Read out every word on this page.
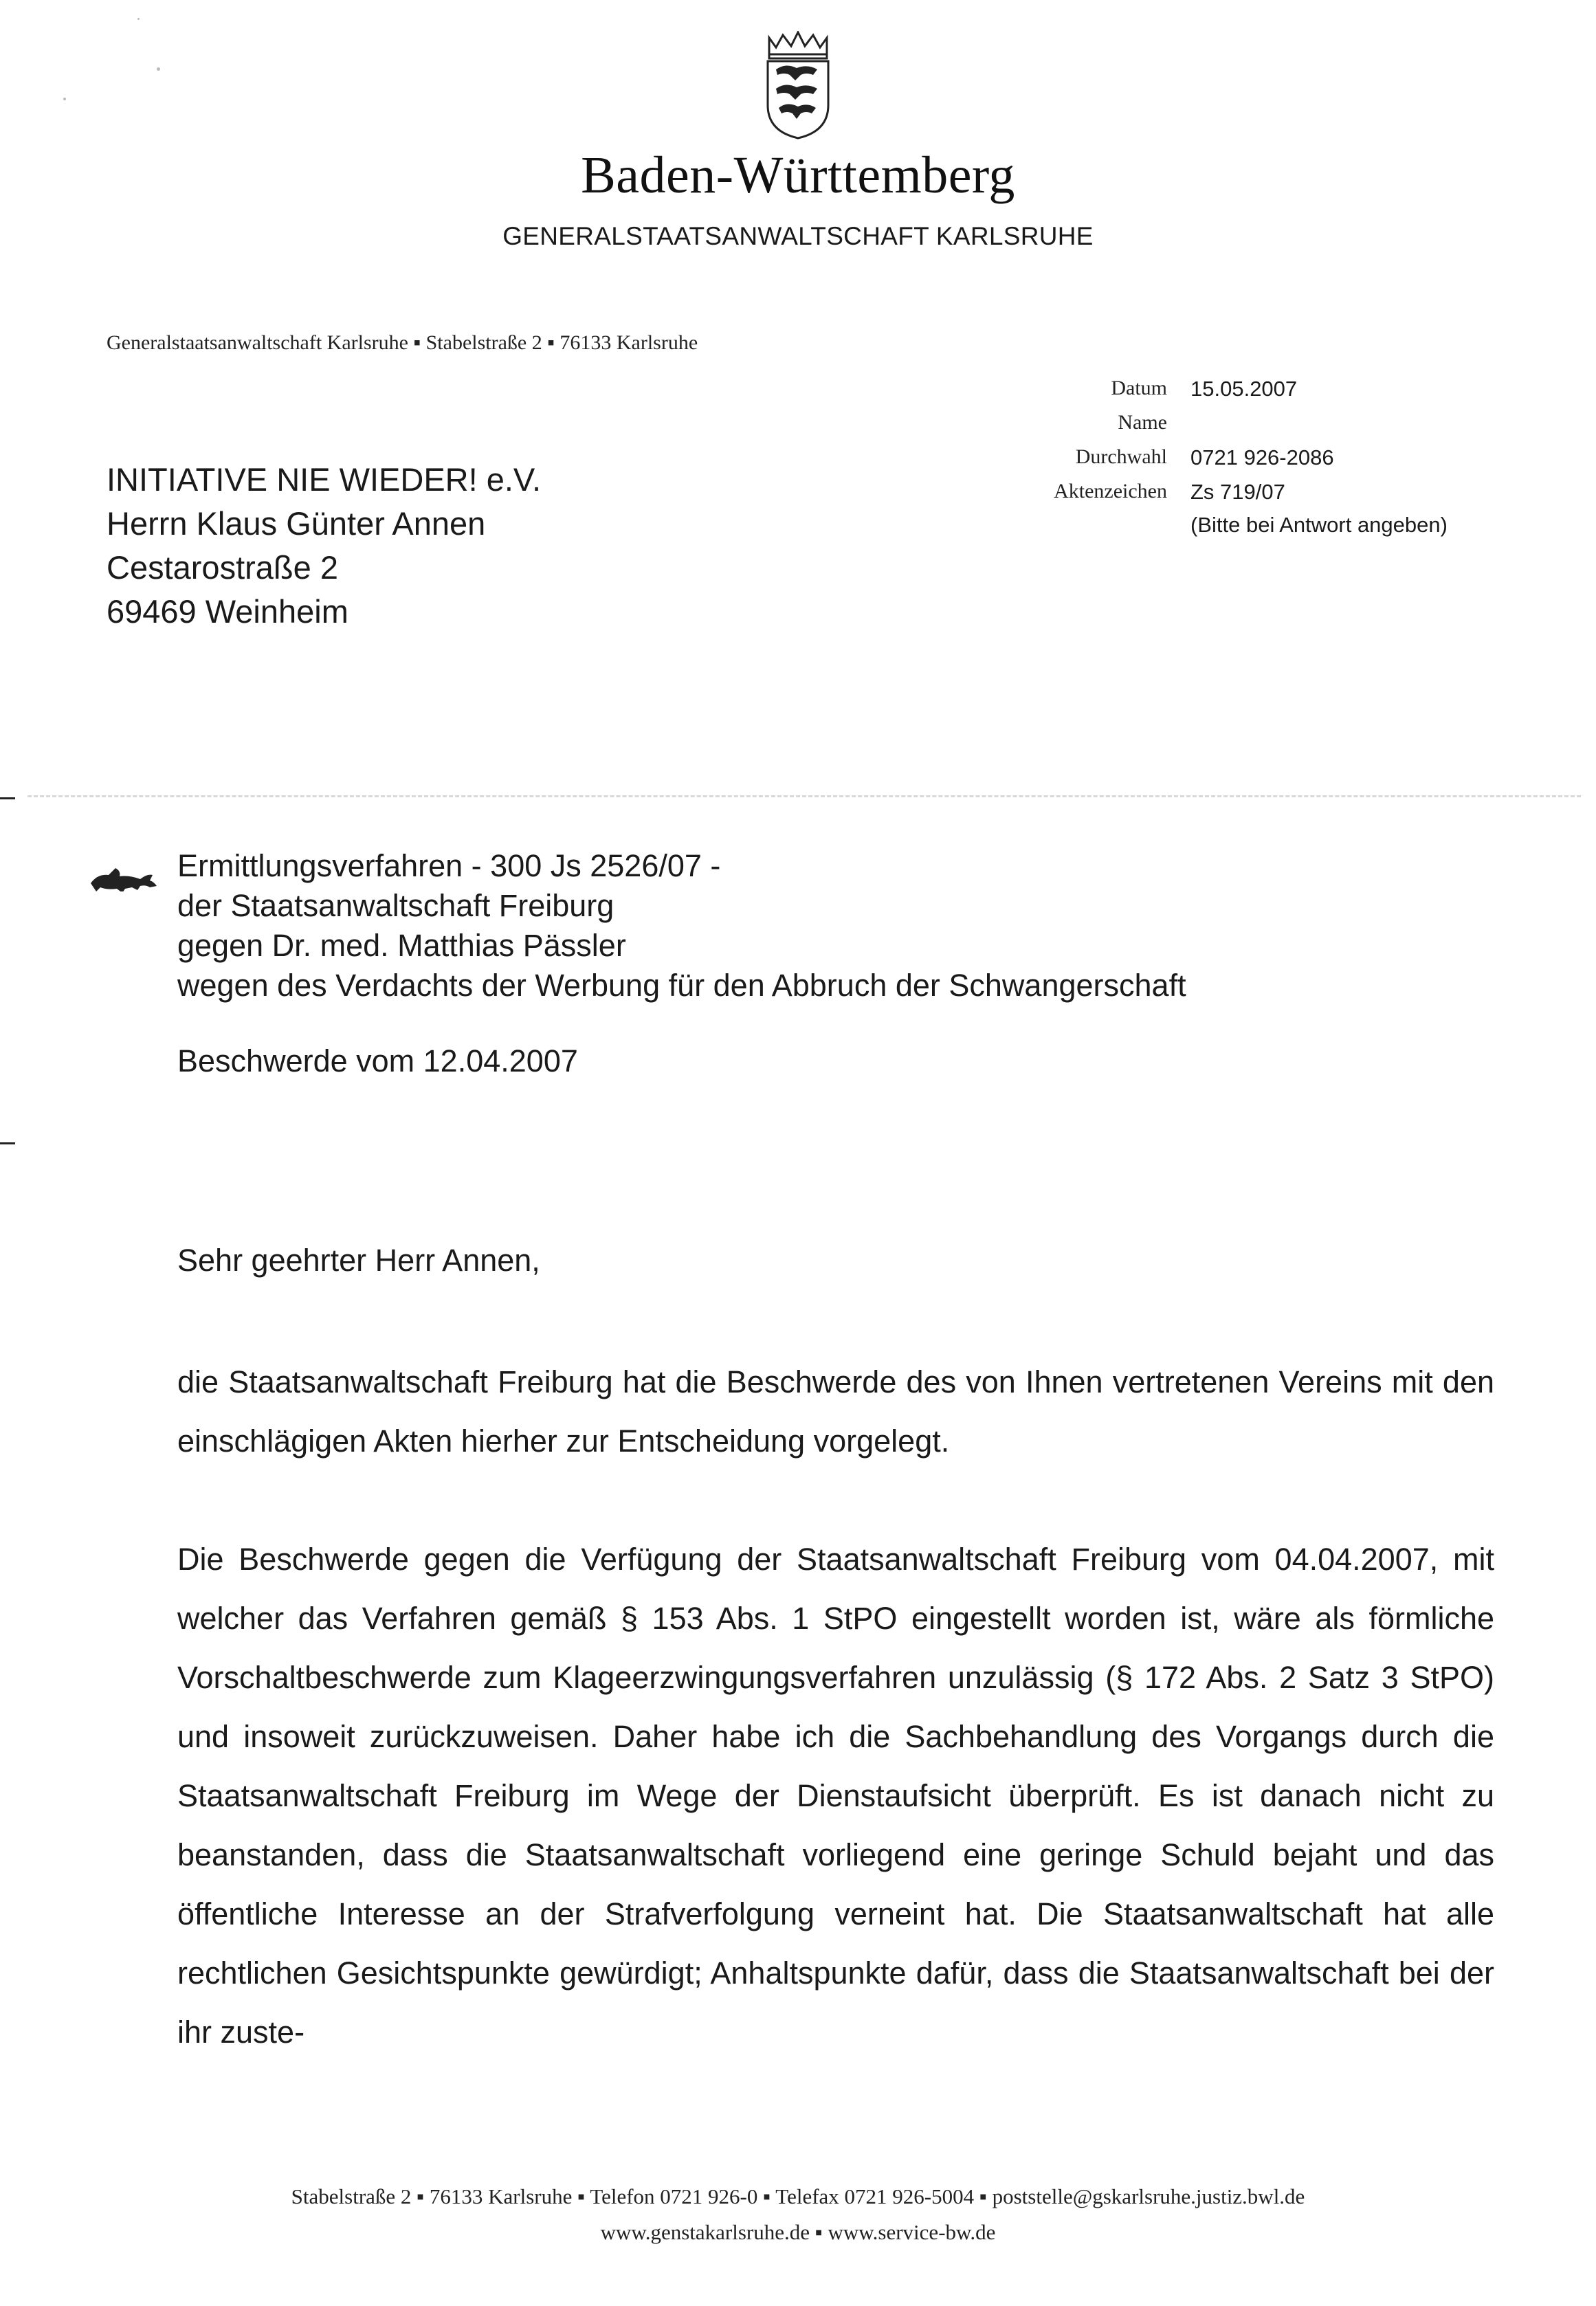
Baden-Württemberg
GENERALSTAATSANWALTSCHAFT KARLSRUHE
Generalstaatsanwaltschaft Karlsruhe ▪ Stabelstraße 2 ▪ 76133 Karlsruhe
Datum 15.05.2007
Name
Durchwahl 0721 926-2086
Aktenzeichen Zs 719/07
(Bitte bei Antwort angeben)
INITIATIVE NIE WIEDER! e.V.
Herrn Klaus Günter Annen
Cestarostraße 2
69469 Weinheim
Ermittlungsverfahren - 300 Js 2526/07 -
der Staatsanwaltschaft Freiburg
gegen Dr. med. Matthias Pässler
wegen des Verdachts der Werbung für den Abbruch der Schwangerschaft
Beschwerde vom 12.04.2007
Sehr geehrter Herr Annen,
die Staatsanwaltschaft Freiburg hat die Beschwerde des von Ihnen vertretenen Vereins mit den einschlägigen Akten hierher zur Entscheidung vorgelegt.
Die Beschwerde gegen die Verfügung der Staatsanwaltschaft Freiburg vom 04.04.2007, mit welcher das Verfahren gemäß § 153 Abs. 1 StPO eingestellt worden ist, wäre als förmliche Vorschaltbeschwerde zum Klageerzwingungsverfahren unzulässig (§ 172 Abs. 2 Satz 3 StPO) und insoweit zurückzuweisen. Daher habe ich die Sachbehandlung des Vorgangs durch die Staatsanwaltschaft Freiburg im Wege der Dienstaufsicht überprüft. Es ist danach nicht zu beanstanden, dass die Staatsanwaltschaft vorliegend eine geringe Schuld bejaht und das öffentliche Interesse an der Strafverfolgung verneint hat. Die Staatsanwaltschaft hat alle rechtlichen Gesichtspunkte gewürdigt; Anhaltspunkte dafür, dass die Staatsanwaltschaft bei der ihr zuste-
Stabelstraße 2 ▪ 76133 Karlsruhe ▪ Telefon 0721 926-0 ▪ Telefax 0721 926-5004 ▪ poststelle@gskarlsruhe.justiz.bwl.de
www.genstakarlsruhe.de ▪ www.service-bw.de
